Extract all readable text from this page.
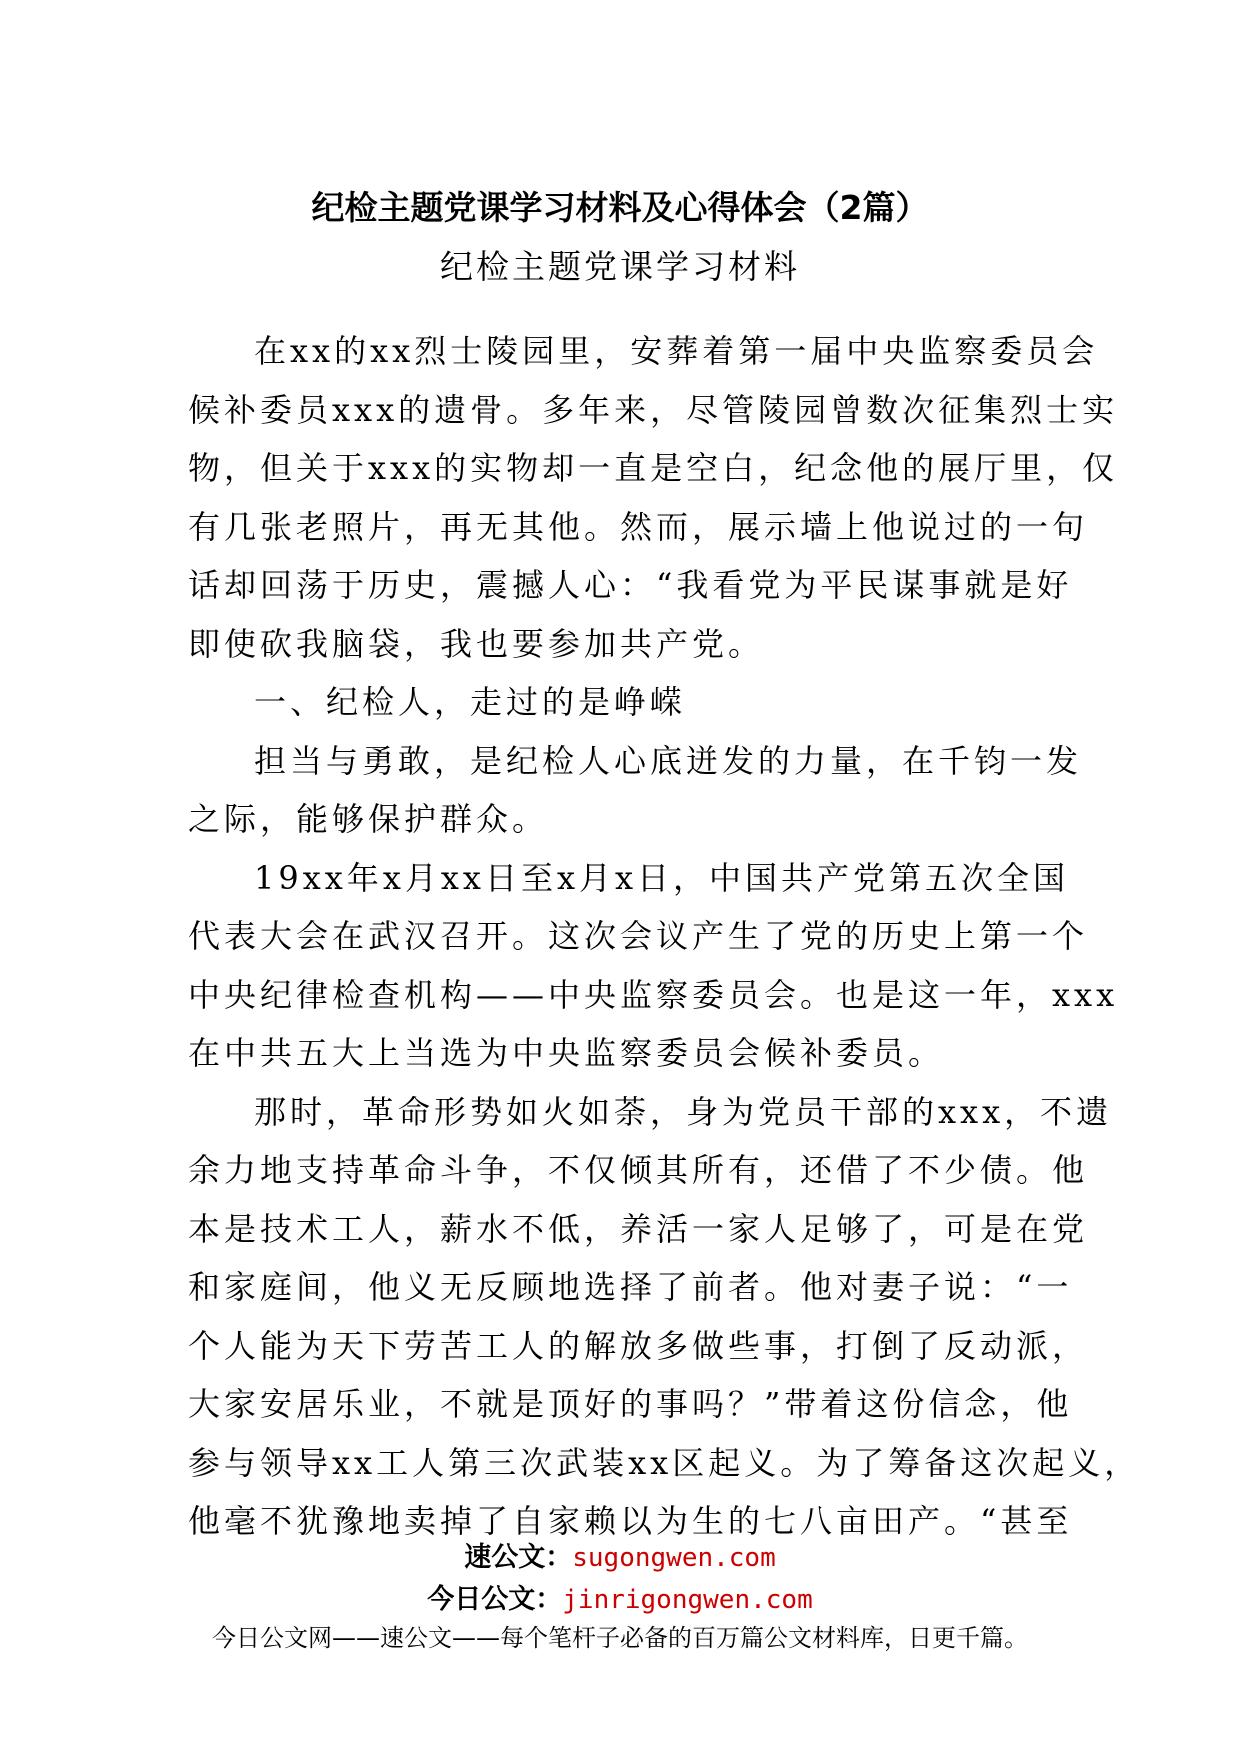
纪检主题党课学习材料及心得体会（2篇）
纪检主题党课学习材料
在xx的xx烈士陵园里，安葬着第一届中央监察委员会
候补委员xxx的遗骨。多年来，尽管陵园曾数次征集烈士实
物，但关于xxx的实物却一直是空白，纪念他的展厅里，仅
有几张老照片，再无其他。然而，展示墙上他说过的一句
话却回荡于历史，震撼人心：“我看党为平民谋事就是好
即使砍我脑袋，我也要参加共产党。
一、纪检人，走过的是峥嵘
担当与勇敢，是纪检人心底迸发的力量，在千钧一发
之际，能够保护群众。
19xx年x月xx日至x月x日，中国共产党第五次全国
代表大会在武汉召开。这次会议产生了党的历史上第一个
中央纪律检查机构——中央监察委员会。也是这一年，xxx
在中共五大上当选为中央监察委员会候补委员。
那时，革命形势如火如荼，身为党员干部的xxx，不遗
余力地支持革命斗争，不仅倾其所有，还借了不少债。他
本是技术工人，薪水不低，养活一家人足够了，可是在党
和家庭间，他义无反顾地选择了前者。他对妻子说：“一
个人能为天下劳苦工人的解放多做些事，打倒了反动派，
大家安居乐业，不就是顶好的事吗？”带着这份信念，他
参与领导xx工人第三次武装xx区起义。为了筹备这次起义，
他毫不犹豫地卖掉了自家赖以为生的七八亩田产。“甚至
速公文：sugongwen.com
今日公文：jinrigongwen.com
今日公文网——速公文——每个笔杆子必备的百万篇公文材料库，日更千篇。
